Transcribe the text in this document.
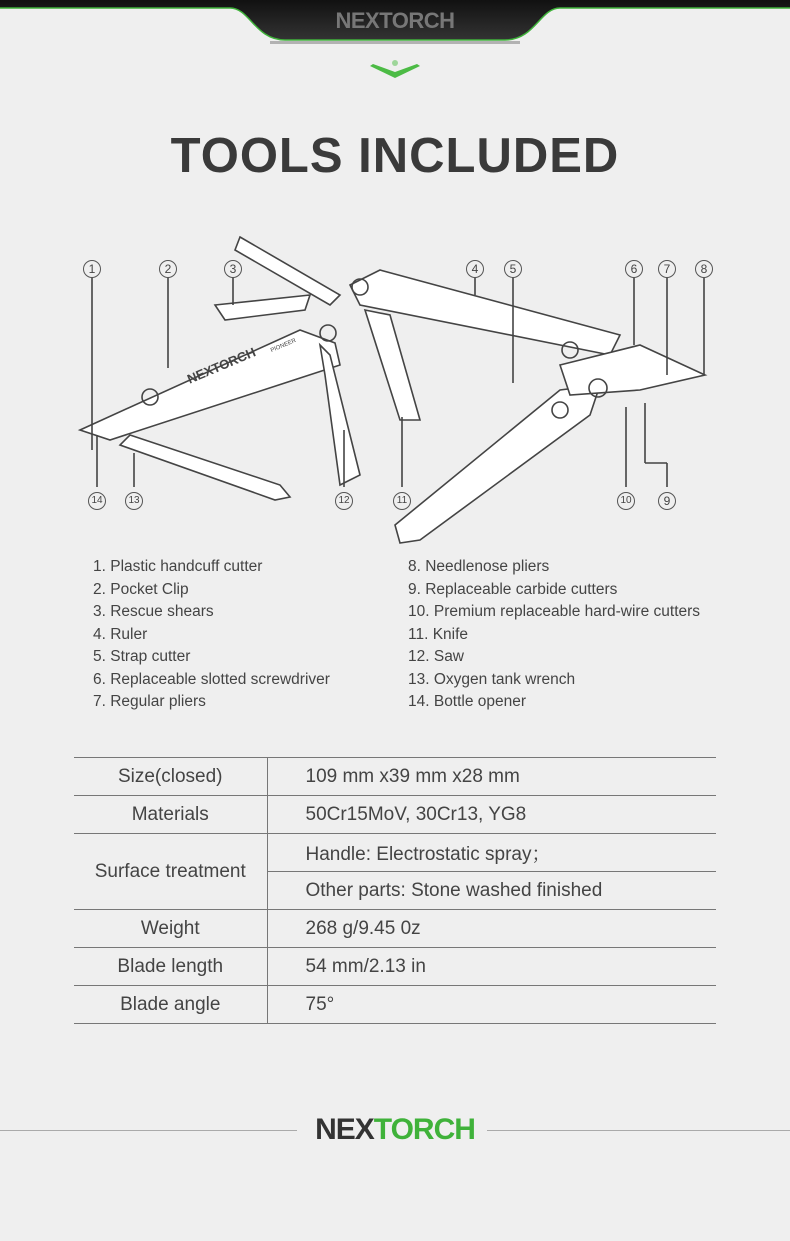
NEXTORCH
TOOLS INCLUDED
NEXTORCH PIONEER
1	2	3	4	5	6	7	8
9
10
11
12
13
14
1. Plastic handcuff cutter
2. Pocket Clip
3. Rescue shears
4. Ruler
5. Strap cutter
6. Replaceable slotted screwdriver
7. Regular pliers
8. Needlenose pliers
9. Replaceable carbide cutters
10. Premium replaceable hard-wire cutters
11. Knife
12. Saw
13. Oxygen tank wrench
14. Bottle opener
Size(closed)	109 mm x39 mm x28 mm
Materials	50Cr15MoV, 30Cr13, YG8
Surface treatment	Handle: Electrostatic spray；
	Other parts: Stone washed finished
Weight	268 g/9.45 0z
Blade length	54 mm/2.13 in
Blade angle	75°
NEXTORCH
